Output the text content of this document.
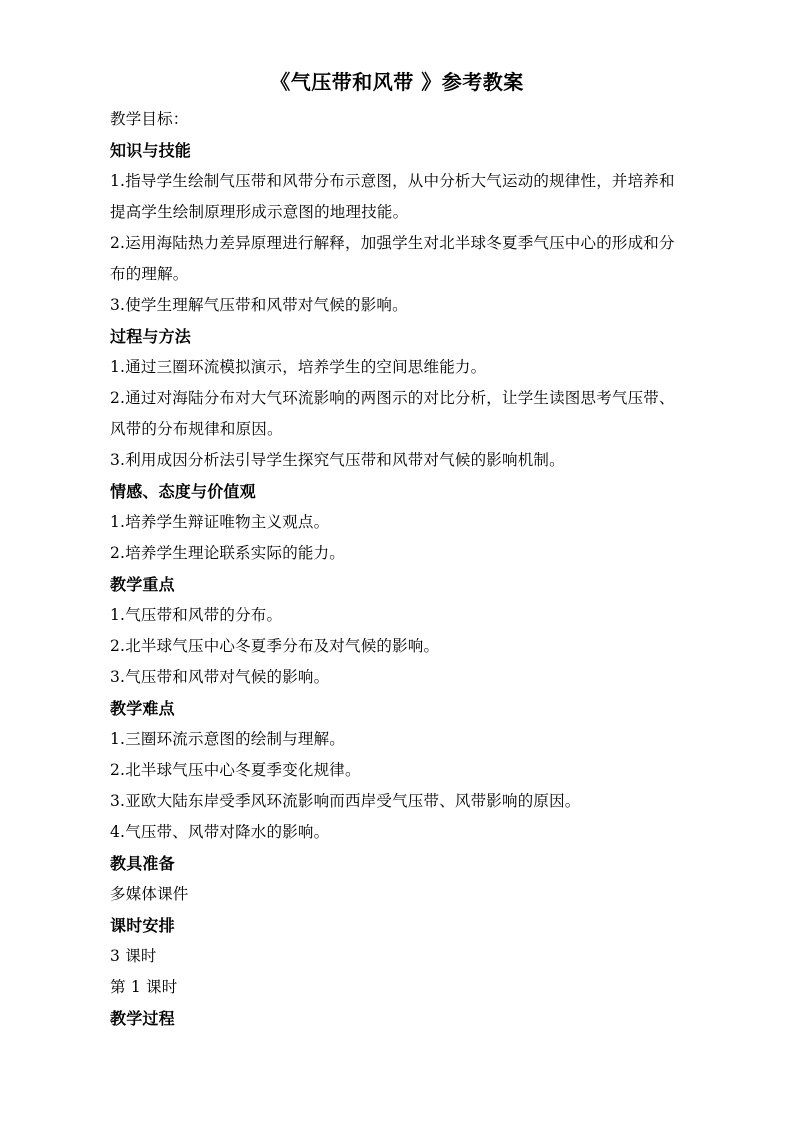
《气压带和风带 》参考教案
教学目标：
知识与技能
1.指导学生绘制气压带和风带分布示意图，从中分析大气运动的规律性，并培养和
提高学生绘制原理形成示意图的地理技能。
2.运用海陆热力差异原理进行解释，加强学生对北半球冬夏季气压中心的形成和分
布的理解。
3.使学生理解气压带和风带对气候的影响。
过程与方法
1.通过三圈环流模拟演示，培养学生的空间思维能力。
2.通过对海陆分布对大气环流影响的两图示的对比分析，让学生读图思考气压带、
风带的分布规律和原因。
3.利用成因分析法引导学生探究气压带和风带对气候的影响机制。
情感、态度与价值观
1.培养学生辩证唯物主义观点。
2.培养学生理论联系实际的能力。
教学重点
1.气压带和风带的分布。
2.北半球气压中心冬夏季分布及对气候的影响。
3.气压带和风带对气候的影响。
教学难点
1.三圈环流示意图的绘制与理解。
2.北半球气压中心冬夏季变化规律。
3.亚欧大陆东岸受季风环流影响而西岸受气压带、风带影响的原因。
4.气压带、风带对降水的影响。
教具准备
多媒体课件
课时安排
3 课时
第 1 课时
教学过程
